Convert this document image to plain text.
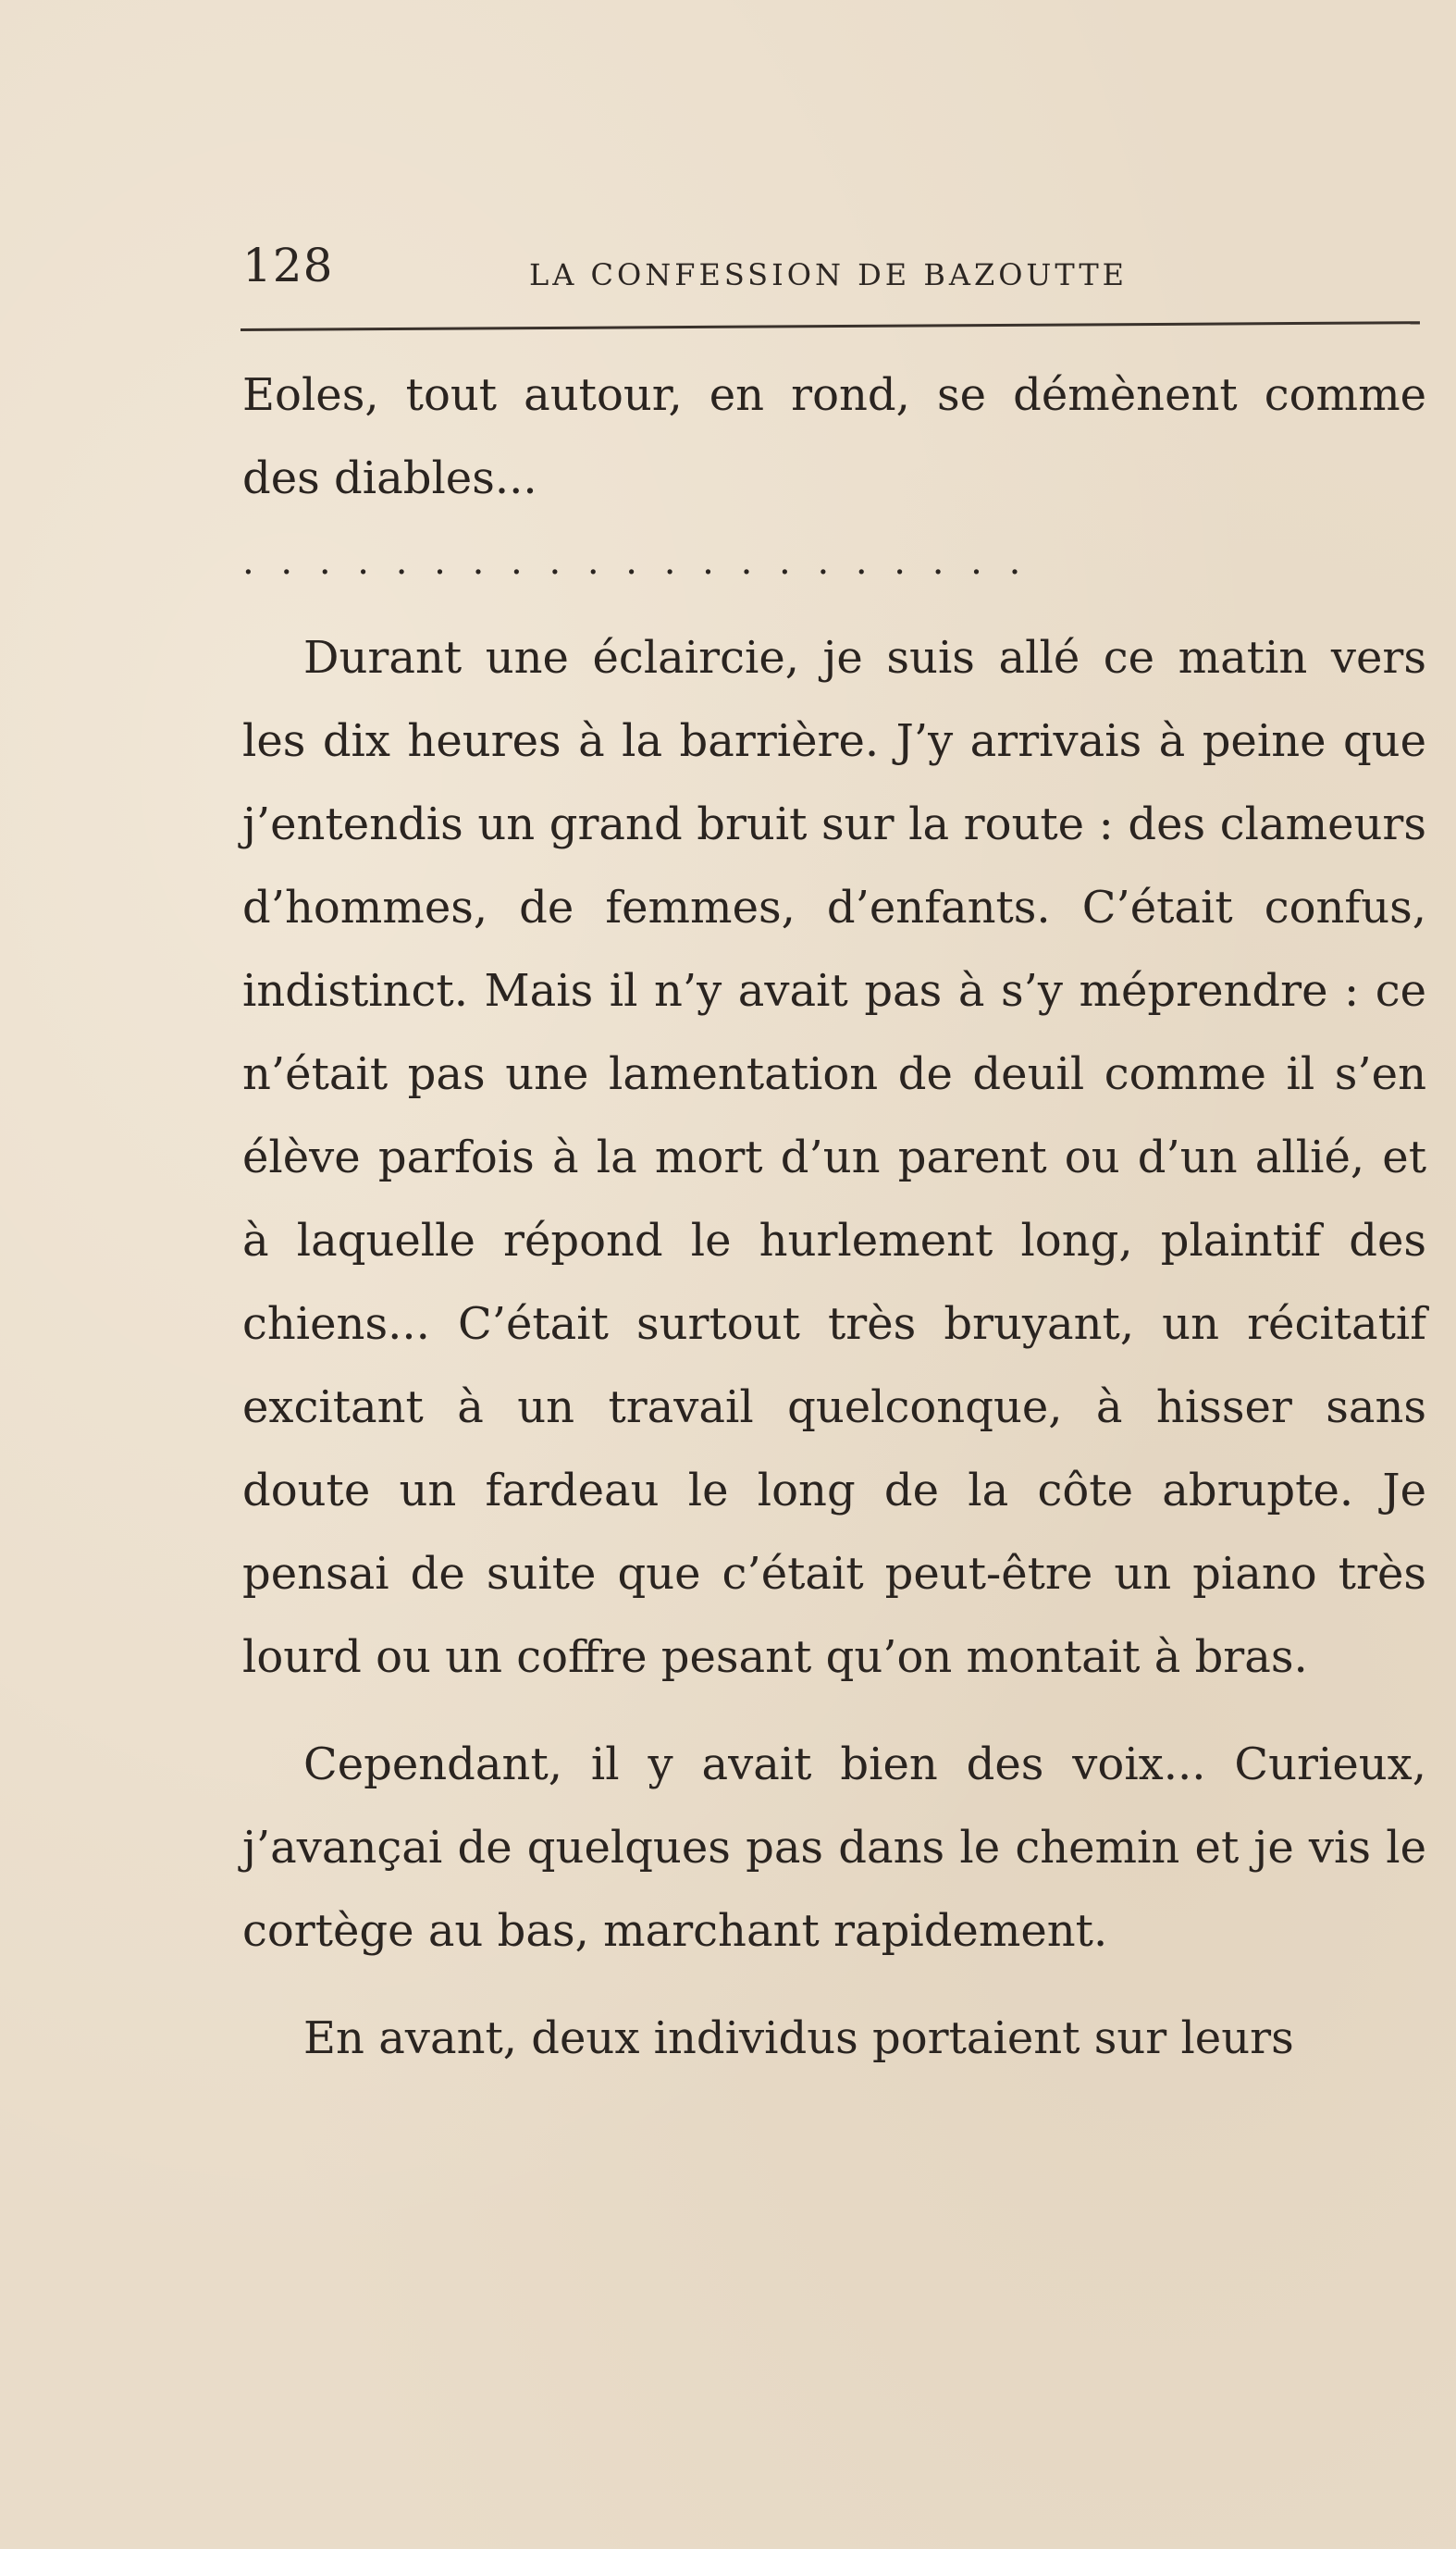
128	LA CONFESSION DE BAZOUTTE

Eoles, tout autour, en rond, se démènent comme des diables...

. . . . . . . . . . . . . . . . . . . . .

Durant une éclaircie, je suis allé ce matin vers les dix heures à la barrière. J’y arrivais à peine que j’entendis un grand bruit sur la route : des clameurs d’hommes, de femmes, d’enfants. C’était confus, indistinct. Mais il n’y avait pas à s’y méprendre : ce n’était pas une lamentation de deuil comme il s’en élève parfois à la mort d’un parent ou d’un allié, et à laquelle répond le hurlement long, plaintif des chiens... C’était surtout très bruyant, un récitatif excitant à un travail quelconque, à hisser sans doute un fardeau le long de la côte abrupte. Je pensai de suite que c’était peut-être un piano très lourd ou un coffre pesant qu’on montait à bras.

Cependant, il y avait bien des voix... Curieux, j’avançai de quelques pas dans le chemin et je vis le cortège au bas, marchant rapidement.

En avant, deux individus portaient sur leurs
